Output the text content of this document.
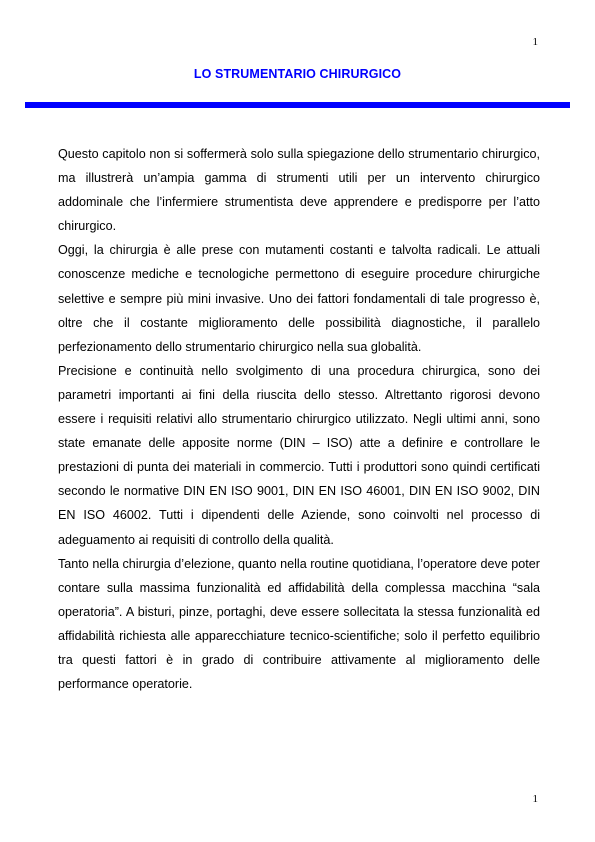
1
LO STRUMENTARIO CHIRURGICO

Questo capitolo non si soffermerà solo sulla spiegazione dello strumentario chirurgico, ma illustrerà un’ampia gamma di strumenti utili per un intervento chirurgico addominale che l’infermiere strumentista deve apprendere e predisporre per l’atto chirurgico.

Oggi, la chirurgia è alle prese con mutamenti costanti e talvolta radicali. Le attuali conoscenze mediche e tecnologiche permettono di eseguire procedure chirurgiche selettive e sempre più mini invasive. Uno dei fattori fondamentali di tale progresso è, oltre che il costante miglioramento delle possibilità diagnostiche, il parallelo perfezionamento dello strumentario chirurgico nella sua globalità.

Precisione e continuità nello svolgimento di una procedura chirurgica, sono dei parametri importanti ai fini della riuscita dello stesso. Altrettanto rigorosi devono essere i requisiti relativi allo strumentario chirurgico utilizzato. Negli ultimi anni, sono state emanate delle apposite norme (DIN – ISO) atte a definire e controllare le prestazioni di punta dei materiali in commercio. Tutti i produttori sono quindi certificati secondo le normative DIN EN ISO 9001, DIN EN ISO 46001, DIN EN ISO 9002, DIN EN ISO 46002. Tutti i dipendenti delle Aziende, sono coinvolti nel processo di adeguamento ai requisiti di controllo della qualità.

Tanto nella chirurgia d’elezione, quanto nella routine quotidiana, l’operatore deve poter contare sulla massima funzionalità ed affidabilità della complessa macchina “sala operatoria”. A bisturi, pinze, portaghi, deve essere sollecitata la stessa funzionalità ed affidabilità richiesta alle apparecchiature tecnico-scientifiche; solo il perfetto equilibrio tra questi fattori è in grado di contribuire attivamente al miglioramento delle performance operatorie.

1
